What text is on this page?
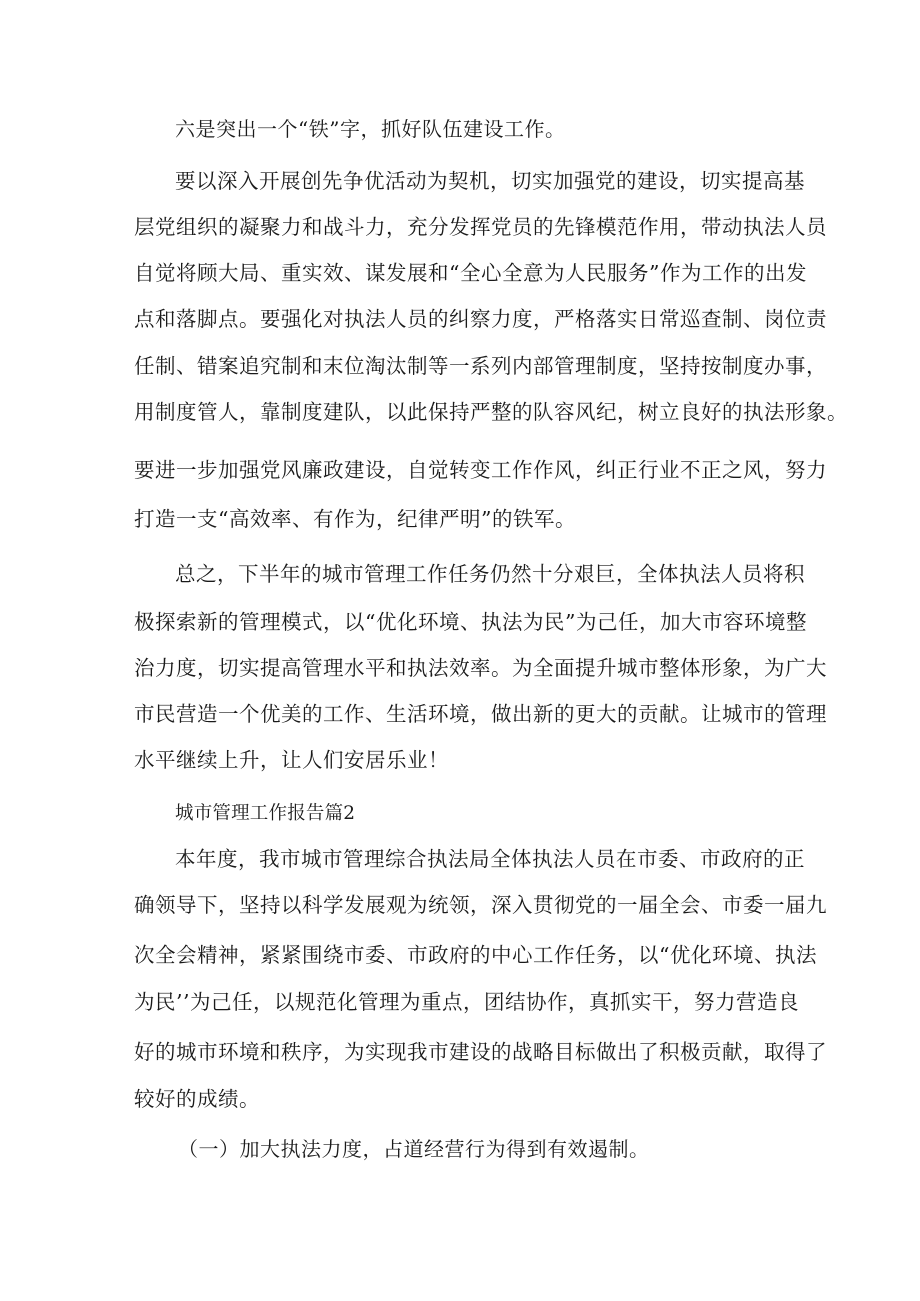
六是突出一个“铁”字，抓好队伍建设工作。
要以深入开展创先争优活动为契机，切实加强党的建设，切实提高基
层党组织的凝聚力和战斗力，充分发挥党员的先锋模范作用，带动执法人员
自觉将顾大局、重实效、谋发展和“全心全意为人民服务”作为工作的出发
点和落脚点。要强化对执法人员的纠察力度，严格落实日常巡查制、岗位责
任制、错案追究制和末位淘汰制等一系列内部管理制度，坚持按制度办事，
用制度管人，靠制度建队，以此保持严整的队容风纪，树立良好的执法形象。
要进一步加强党风廉政建设，自觉转变工作作风，纠正行业不正之风，努力
打造一支“高效率、有作为，纪律严明”的铁军。
总之，下半年的城市管理工作任务仍然十分艰巨，全体执法人员将积
极探索新的管理模式，以“优化环境、执法为民”为己任，加大市容环境整
治力度，切实提高管理水平和执法效率。为全面提升城市整体形象，为广大
市民营造一个优美的工作、生活环境，做出新的更大的贡献。让城市的管理
水平继续上升，让人们安居乐业！
城市管理工作报告篇2
本年度，我市城市管理综合执法局全体执法人员在市委、市政府的正
确领导下，坚持以科学发展观为统领，深入贯彻党的一届全会、市委一届九
次全会精神，紧紧围绕市委、市政府的中心工作任务，以“优化环境、执法
为民’’为己任，以规范化管理为重点，团结协作，真抓实干，努力营造良
好的城市环境和秩序，为实现我市建设的战略目标做出了积极贡献，取得了
较好的成绩。
（一）加大执法力度，占道经营行为得到有效遏制。
